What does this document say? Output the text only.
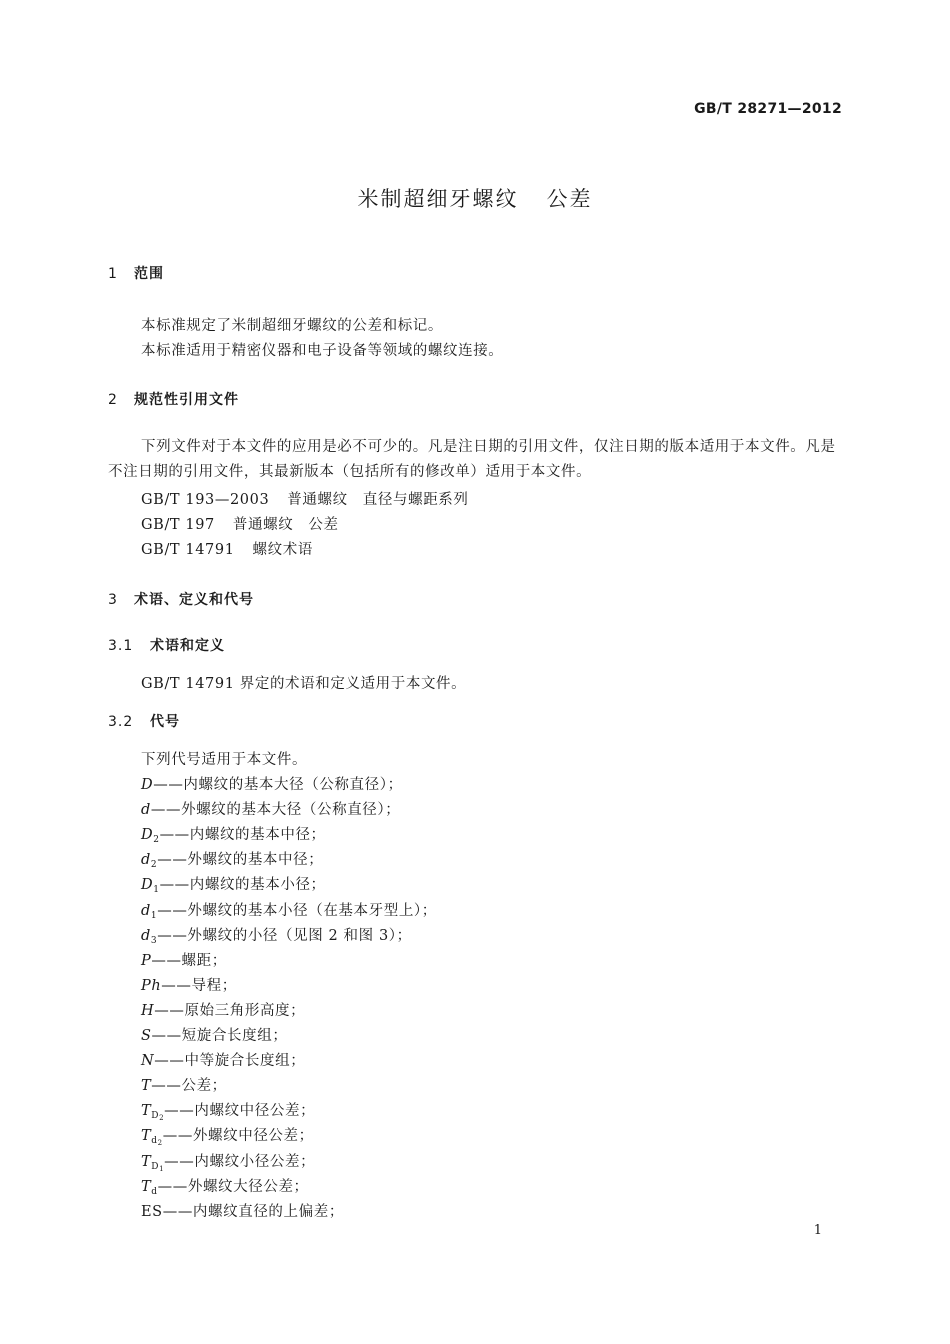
GB/T 28271—2012
米制超细牙螺纹 公差
1 范围
本标准规定了米制超细牙螺纹的公差和标记。
本标准适用于精密仪器和电子设备等领域的螺纹连接。
2 规范性引用文件
下列文件对于本文件的应用是必不可少的。凡是注日期的引用文件，仅注日期的版本适用于本文件。凡是不注日期的引用文件，其最新版本（包括所有的修改单）适用于本文件。
GB/T 193—2003 普通螺纹　直径与螺距系列
GB/T 197 普通螺纹　公差
GB/T 14791 螺纹术语
3 术语、定义和代号
3.1 术语和定义
GB/T 14791 界定的术语和定义适用于本文件。
3.2 代号
下列代号适用于本文件。
D——内螺纹的基本大径（公称直径）；
d——外螺纹的基本大径（公称直径）；
$D_2——$内螺纹的基本中径；
$d_2——$外螺纹的基本中径；
$D_1——$内螺纹的基本小径；
$d_1——$外螺纹的基本小径（在基本牙型上）；
$d_3——$外螺纹的小径（见图 2 和图 3）；
P——螺距；
Ph——导程；
H——原始三角形高度；
S——短旋合长度组；
N——中等旋合长度组；
T——公差；
$T_{D_2}——$内螺纹中径公差；
$T_{d_2}——$外螺纹中径公差；
$T_{D_1}——$内螺纹小径公差；
$T_d——$外螺纹大径公差；
ES——内螺纹直径的上偏差；
1
